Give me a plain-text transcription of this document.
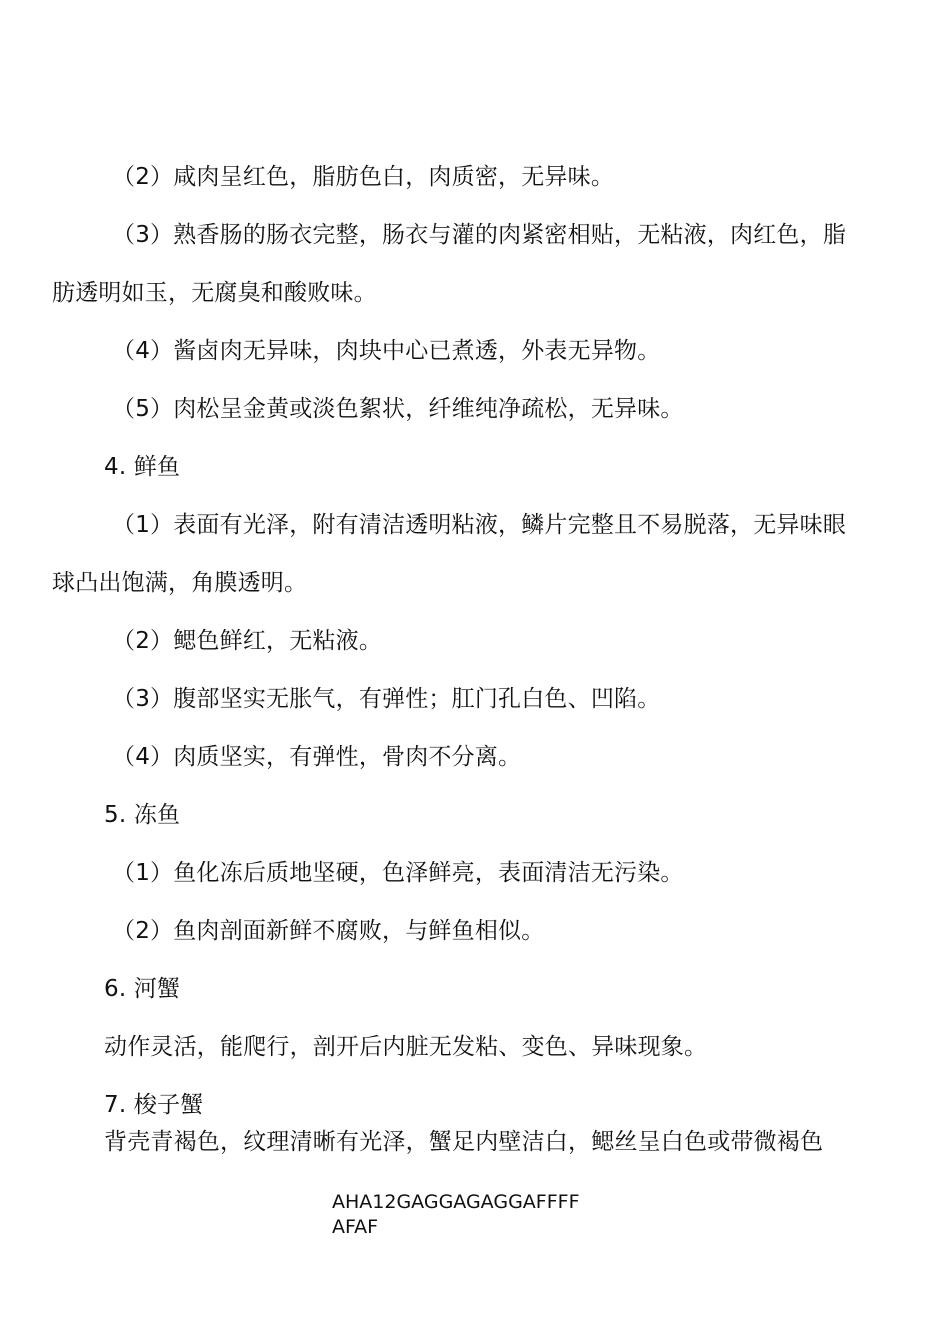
（2）咸肉呈红色，脂肪色白，肉质密，无异味。
（3）熟香肠的肠衣完整，肠衣与灌的肉紧密相贴，无粘液，肉红色，脂
肪透明如玉，无腐臭和酸败味。
（4）酱卤肉无异味，肉块中心已煮透，外表无异物。
（5）肉松呈金黄或淡色絮状，纤维纯净疏松，无异味。
4. 鲜鱼
（1）表面有光泽，附有清洁透明粘液，鳞片完整且不易脱落，无异味眼
球凸出饱满，角膜透明。
（2）鳃色鲜红，无粘液。
（3）腹部坚实无胀气，有弹性；肛门孔白色、凹陷。
（4）肉质坚实，有弹性，骨肉不分离。
5. 冻鱼
（1）鱼化冻后质地坚硬，色泽鲜亮，表面清洁无污染。
（2）鱼肉剖面新鲜不腐败，与鲜鱼相似。
6. 河蟹
动作灵活，能爬行，剖开后内脏无发粘、变色、异味现象。
7. 梭子蟹
背壳青褐色，纹理清晰有光泽，蟹足内壁洁白，鳃丝呈白色或带微褐色
AHA12GAGGAGAGGAFFFF
AFAF
